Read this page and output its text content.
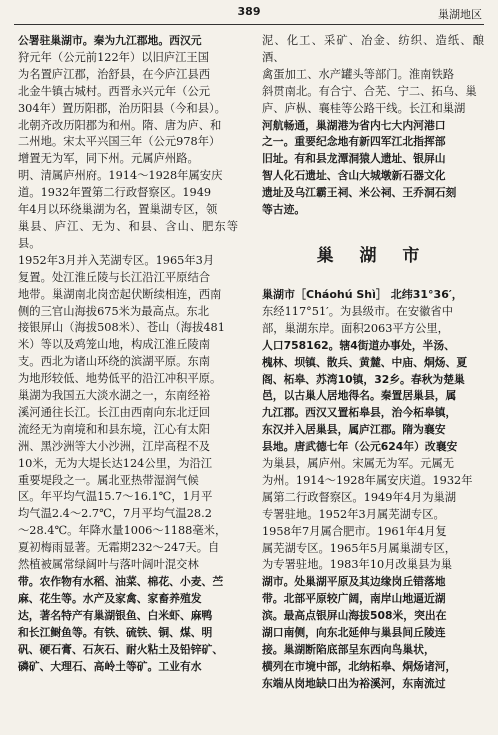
389	巢湖地区

公署驻巢湖市。秦为九江郡地。西汉元

狩元年（公元前122年）以旧庐江王国

为名置庐江郡，治舒县，在今庐江县西

北金牛镇古城村。西晋永兴元年（公元

304年）置历阳郡，治历阳县（今和县）。

北朝齐改历阳郡为和州。隋、唐为庐、和

二州地。宋太平兴国三年（公元978年）

增置无为军，同下州。元属庐州路。

明、清属庐州府。1914～1928年属安庆

道。1932年置第二行政督察区。1949

年4月以环绕巢湖为名，置巢湖专区，领

巢县、庐江、无为、和县、含山、肥东等县。

1952年3月并入芜湖专区。1965年3月

复置。处江淮丘陵与长江沿江平原结合

地带。巢湖南北岗峦起伏断续相连，西南

侧的三官山海拔675米为最高点。东北

接银屏山（海拔508米）、苍山（海拔481

米）等以及鸡笼山地，构成江淮丘陵南

支。西北为诸山环绕的滨湖平原。东南

为地形较低、地势低平的沿江冲积平原。

巢湖为我国五大淡水湖之一，东南经裕

溪河通往长江。长江由西南向东北迂回

流经无为南境和和县东境，江心有太阳

洲、黑沙洲等大小沙洲，江岸高程不及

10米，无为大堤长达124公里，为沿江

重要堤段之一。属北亚热带湿润气候

区。年平均气温15.7～16.1℃，1月平

均气温2.4～2.7℃，7月平均气温28.2

～28.4℃。年降水量1006～1188毫米，

夏初梅雨显著。无霜期232～247天。自

然植被属常绿阔叶与落叶阔叶混交林

带。农作物有水稻、油菜、棉花、小麦、苎

麻、花生等。水产及家禽、家畜养殖发

达，著名特产有巢湖银鱼、白米虾、麻鸭

和长江鲥鱼等。有铁、硫铁、铜、煤、明

矾、硬石膏、石灰石、耐火粘土及铅锌矿、

磷矿、大理石、高岭土等矿。工业有水

泥、化工、采矿、冶金、纺织、造纸、酿酒、

禽蛋加工、水产罐头等部门。淮南铁路

斜贯南北。有合宁、合芜、宁二、拓乌、巢

庐、庐枞、襄桂等公路干线。长江和巢湖

河航畅通，巢湖港为省内七大内河港口

之一。重要纪念地有新四军江北指挥部

旧址。有和县龙潭洞猿人遗址、银屏山

智人化石遗址、含山大城墩新石器文化

遗址及乌江霸王祠、米公祠、王乔洞石刻

等古迹。

巢 湖 市

巢湖市［Cháohú Shì］ 北纬31°36′，

东经117°51′。为县级市。在安徽省中

部，巢湖东岸。面积2063平方公里，

人口758162。辖4街道办事处，半汤、

槐林、坝镇、散兵、黄麓、中庙、烔炀、夏

阁、柘皋、苏湾10镇，32乡。春秋为楚巢

邑，以古巢人居地得名。秦置居巢县，属

九江郡。西汉又置柘皋县，治今柘皋镇，

东汉并入居巢县，属庐江郡。隋为襄安

县地。唐武德七年（公元624年）改襄安

为巢县，属庐州。宋属无为军。元属无

为州。1914～1928年属安庆道。1932年

属第二行政督察区。1949年4月为巢湖

专署驻地。1952年3月属芜湖专区。

1958年7月属合肥市。1961年4月复

属芜湖专区。1965年5月属巢湖专区，

为专署驻地。1983年10月改巢县为巢

湖市。处巢湖平原及其边缘岗丘错落地

带。北部平原较广阔，南岸山地逼近湖

滨。最高点银屏山海拔508米，突出在

湖口南侧，向东北延伸与巢县间丘陵连

接。巢湖断陷底部呈东西向鸟巢状，

横列在市境中部，北纳柘皋、烔炀诸河，

东端从岗地缺口出为裕溪河，东南流过
